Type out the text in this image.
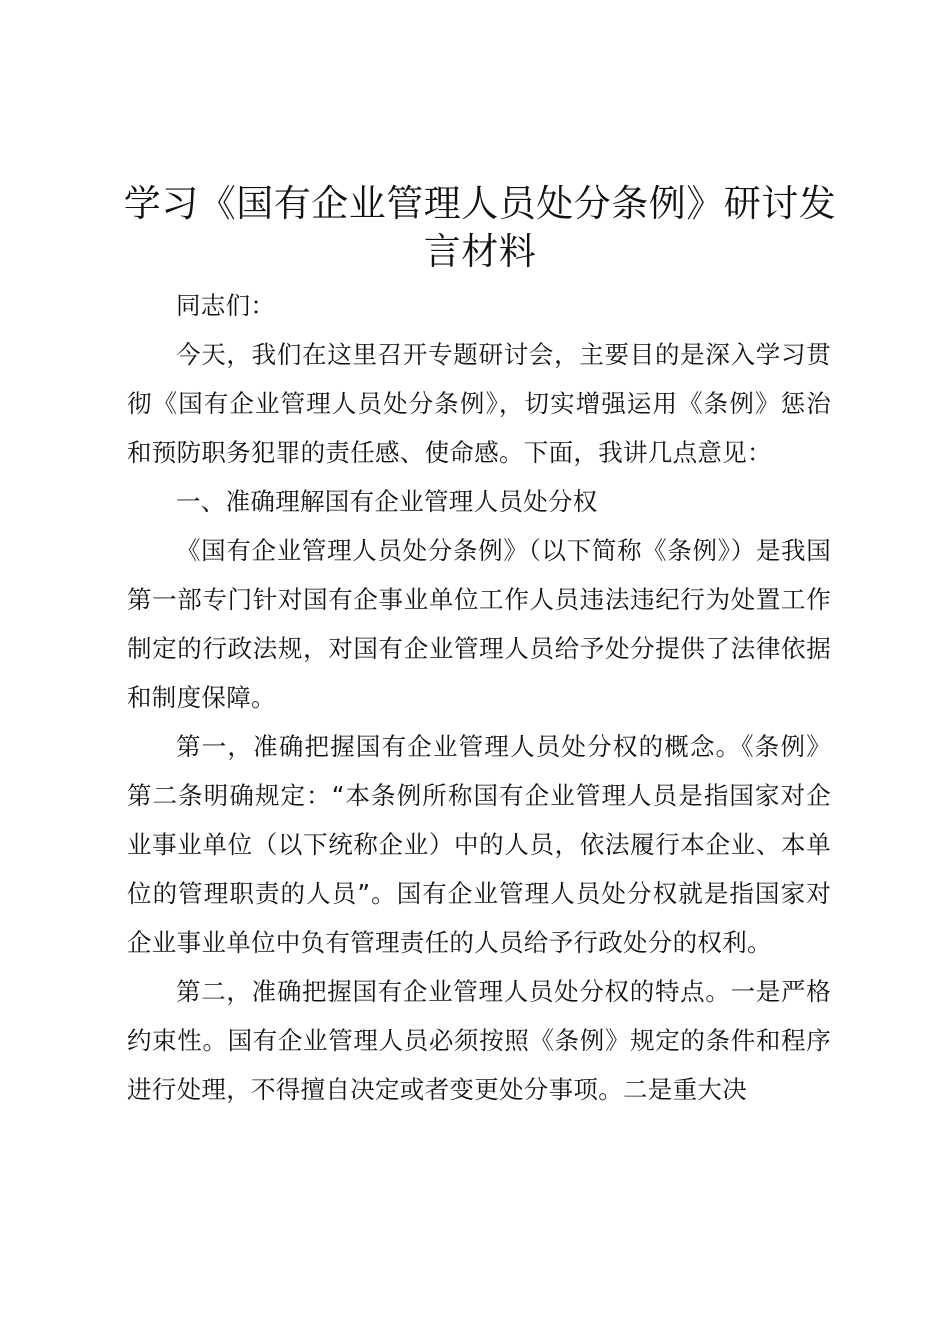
学习《国有企业管理人员处分条例》研讨发言材料

同志们：

今天，我们在这里召开专题研讨会，主要目的是深入学习贯彻《国有企业管理人员处分条例》，切实增强运用《条例》惩治和预防职务犯罪的责任感、使命感。下面，我讲几点意见：

一、准确理解国有企业管理人员处分权

《国有企业管理人员处分条例》（以下简称《条例》）是我国第一部专门针对国有企事业单位工作人员违法违纪行为处置工作制定的行政法规，对国有企业管理人员给予处分提供了法律依据和制度保障。

第一，准确把握国有企业管理人员处分权的概念。《条例》第二条明确规定：“本条例所称国有企业管理人员是指国家对企业事业单位（以下统称企业）中的人员，依法履行本企业、本单位的管理职责的人员”。国有企业管理人员处分权就是指国家对企业事业单位中负有管理责任的人员给予行政处分的权利。

第二，准确把握国有企业管理人员处分权的特点。一是严格约束性。国有企业管理人员必须按照《条例》规定的条件和程序进行处理，不得擅自决定或者变更处分事项。二是重大决
